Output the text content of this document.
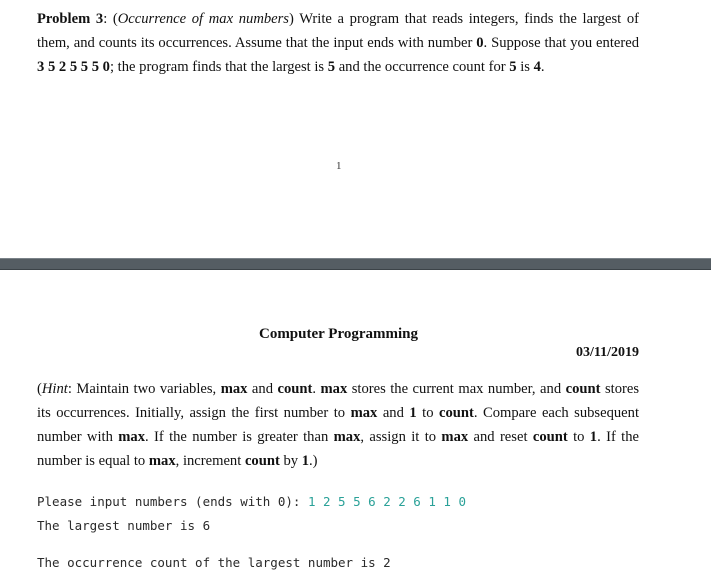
Problem 3: (Occurrence of max numbers) Write a program that reads integers, finds the largest of them, and counts its occurrences. Assume that the input ends with number 0. Suppose that you entered 3 5 2 5 5 5 0; the program finds that the largest is 5 and the occurrence count for 5 is 4.

1
Computer Programming
03/11/2019

(Hint: Maintain two variables, max and count. max stores the current max number, and count stores its occurrences. Initially, assign the first number to max and 1 to count. Compare each subsequent number with max. If the number is greater than max, assign it to max and reset count to 1. If the number is equal to max, increment count by 1.)

Please input numbers (ends with 0): 1 2 5 5 6 2 2 6 1 1 0
The largest number is 6
The occurrence count of the largest number is 2
